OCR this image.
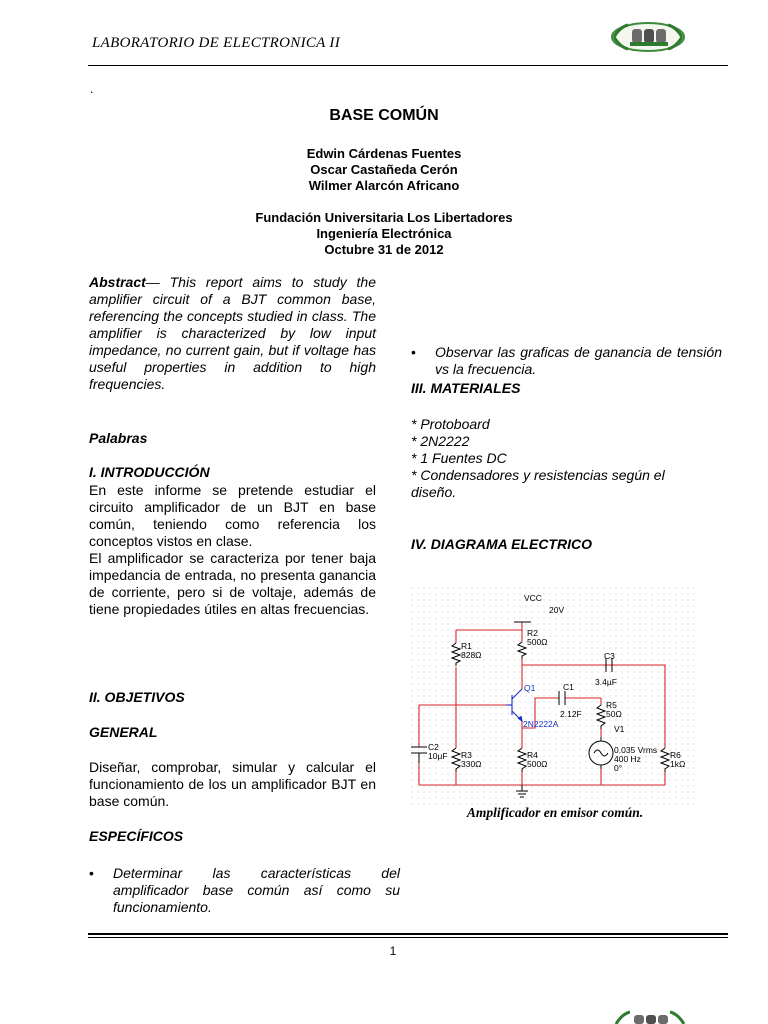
LABORATORIO DE ELECTRONICA II
.
BASE COMÚN
Edwin Cárdenas Fuentes
Oscar Castañeda Cerón
Wilmer Alarcón Africano
Fundación Universitaria Los Libertadores
Ingeniería Electrónica
Octubre 31 de 2012
Abstract— This report aims to study the amplifier circuit of a BJT common base, referencing the concepts studied in class. The amplifier is characterized by low input impedance, no current gain, but if voltage has useful properties in addition to high frequencies.
Palabras
I. INTRODUCCIÓN
En este informe se pretende estudiar el circuito amplificador de un BJT en base común, teniendo como referencia los conceptos vistos en clase.
El amplificador se caracteriza por tener baja impedancia de entrada, no presenta ganancia de corriente, pero si de voltaje, además de tiene propiedades útiles en altas frecuencias.
II. OBJETIVOS
GENERAL
Diseñar, comprobar, simular y calcular el funcionamiento de los un amplificador BJT en base común.
ESPECÍFICOS
• Determinar las características del amplificador base común así como su funcionamiento.
• Observar las graficas de ganancia de tensión vs la frecuencia.
III. MATERIALES
* Protoboard
* 2N2222
* 1 Fuentes DC
* Condensadores y resistencias según el diseño.
IV. DIAGRAMA ELECTRICO
VCC
20V
R1
828Ω
R2
500Ω
C3
3.4µF
Q1
2N2222A
C1
2.12F
R5
50Ω
V1
0.035 Vrms
400 Hz
0°
C2
10µF R3
330Ω
R4
500Ω
R6
1kΩ
Amplificador en emisor común.
1
